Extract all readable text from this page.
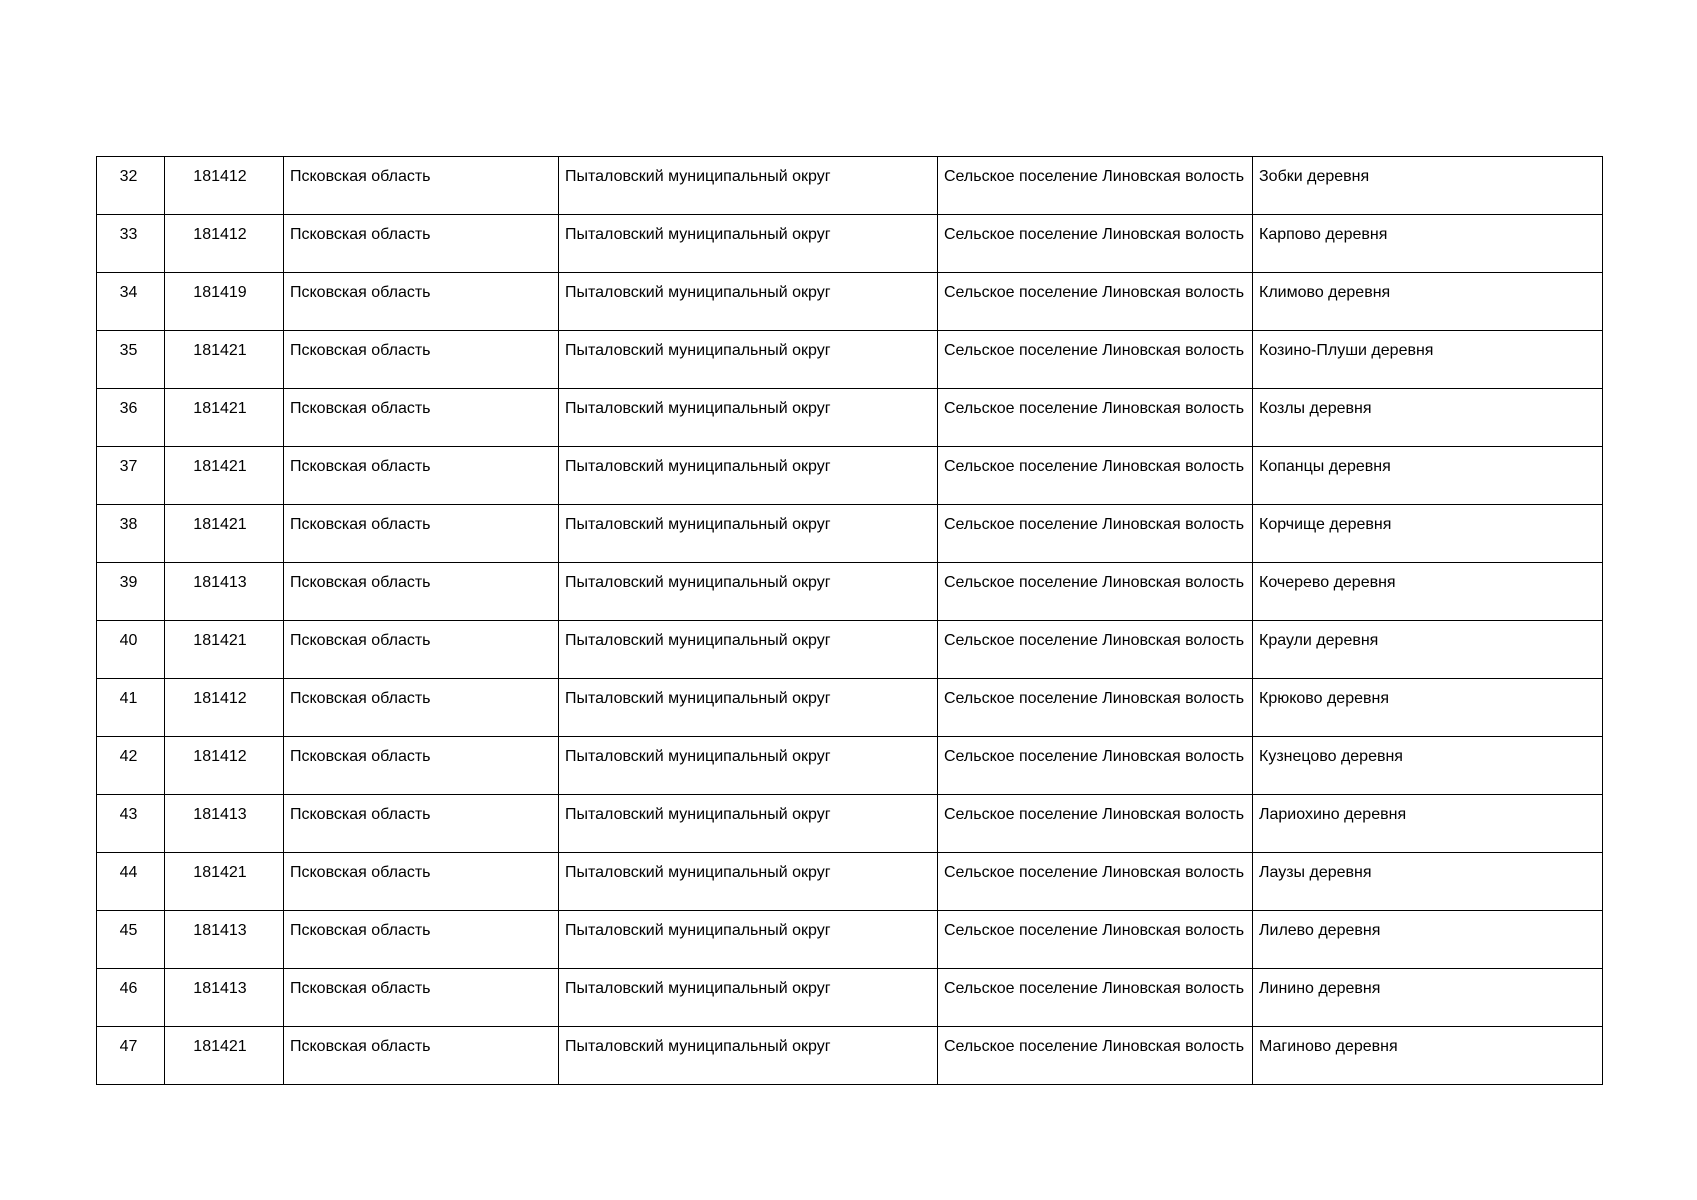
32	181412	Псковская область	Пыталовский муниципальный округ	Сельское поселение Линовская волость	Зобки деревня
33	181412	Псковская область	Пыталовский муниципальный округ	Сельское поселение Линовская волость	Карпово деревня
34	181419	Псковская область	Пыталовский муниципальный округ	Сельское поселение Линовская волость	Климово деревня
35	181421	Псковская область	Пыталовский муниципальный округ	Сельское поселение Линовская волость	Козино-Плуши деревня
36	181421	Псковская область	Пыталовский муниципальный округ	Сельское поселение Линовская волость	Козлы деревня
37	181421	Псковская область	Пыталовский муниципальный округ	Сельское поселение Линовская волость	Копанцы деревня
38	181421	Псковская область	Пыталовский муниципальный округ	Сельское поселение Линовская волость	Корчище деревня
39	181413	Псковская область	Пыталовский муниципальный округ	Сельское поселение Линовская волость	Кочерево деревня
40	181421	Псковская область	Пыталовский муниципальный округ	Сельское поселение Линовская волость	Краули деревня
41	181412	Псковская область	Пыталовский муниципальный округ	Сельское поселение Линовская волость	Крюково деревня
42	181412	Псковская область	Пыталовский муниципальный округ	Сельское поселение Линовская волость	Кузнецово деревня
43	181413	Псковская область	Пыталовский муниципальный округ	Сельское поселение Линовская волость	Лариохино деревня
44	181421	Псковская область	Пыталовский муниципальный округ	Сельское поселение Линовская волость	Лаузы деревня
45	181413	Псковская область	Пыталовский муниципальный округ	Сельское поселение Линовская волость	Лилево деревня
46	181413	Псковская область	Пыталовский муниципальный округ	Сельское поселение Линовская волость	Линино деревня
47	181421	Псковская область	Пыталовский муниципальный округ	Сельское поселение Линовская волость	Магиново деревня
